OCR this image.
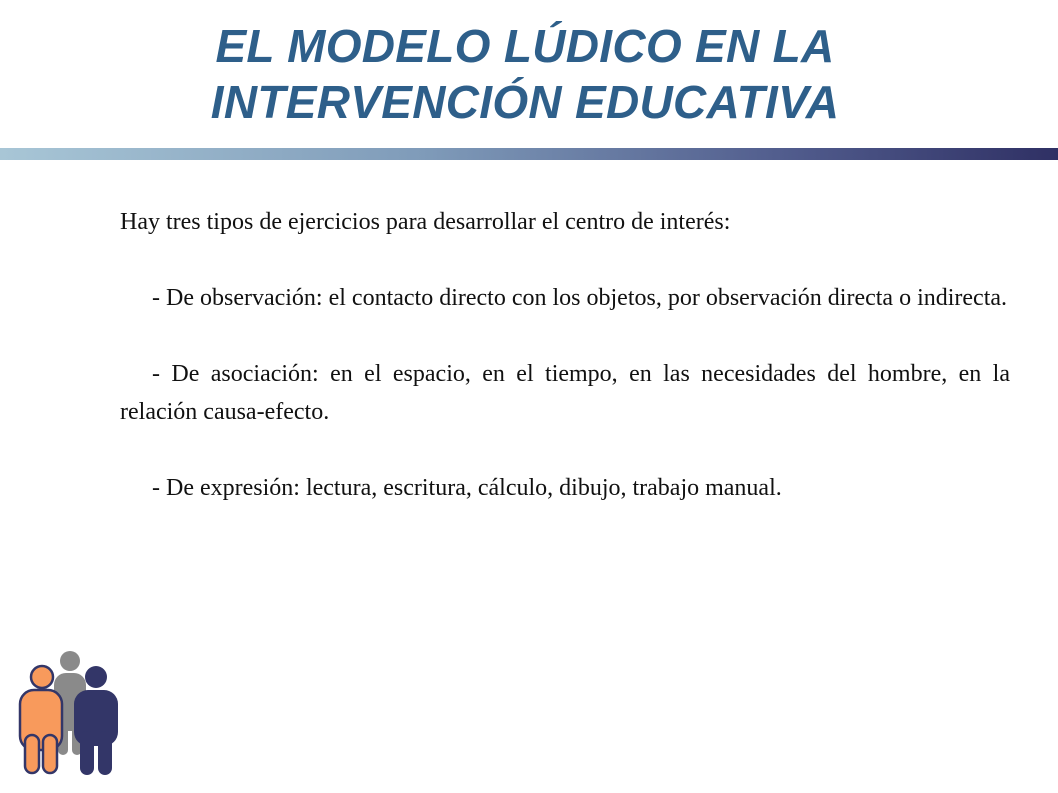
EL MODELO LÚDICO EN LA
INTERVENCIÓN EDUCATIVA

Hay tres tipos de ejercicios para desarrollar el centro de interés:

- De observación: el contacto directo con los objetos, por observación directa o indirecta.

- De asociación: en el espacio, en el tiempo, en las necesidades del hombre, en la relación causa-efecto.

- De expresión: lectura, escritura, cálculo, dibujo, trabajo manual.
